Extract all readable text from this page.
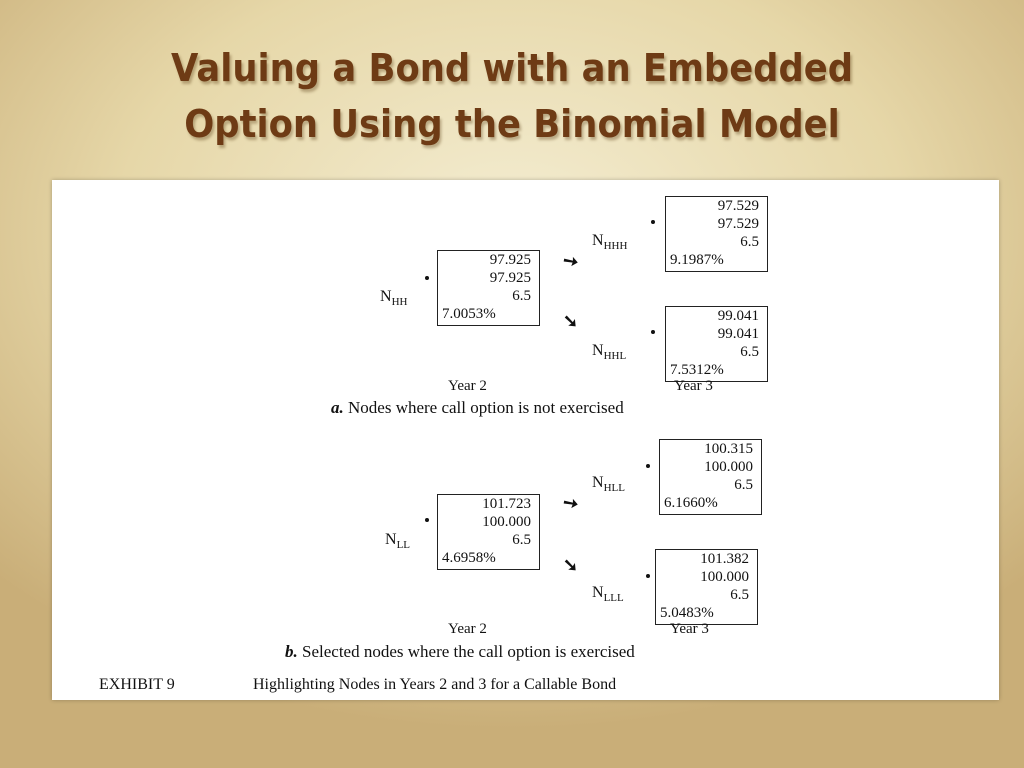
Valuing a Bond with an Embedded
Option Using the Binomial Model
$N_{HH}$
97.925
97.925
6.5
7.0053%
➘
➘
$N_{HHH}$
97.529
97.529
6.5
9.1987%
$N_{HHL}$
99.041
99.041
6.5
7.5312%
Year 2	Year 3
a. Nodes where call option is not exercised
$N_{LL}$
101.723
100.000
6.5
4.6958%
➘
➘
$N_{HLL}$
100.315
100.000
6.5
6.1660%
$N_{LLL}$
101.382
100.000
6.5
5.0483%
Year 2	Year 3
b. Selected nodes where the call option is exercised
EXHIBIT 9	Highlighting Nodes in Years 2 and 3 for a Callable Bond
